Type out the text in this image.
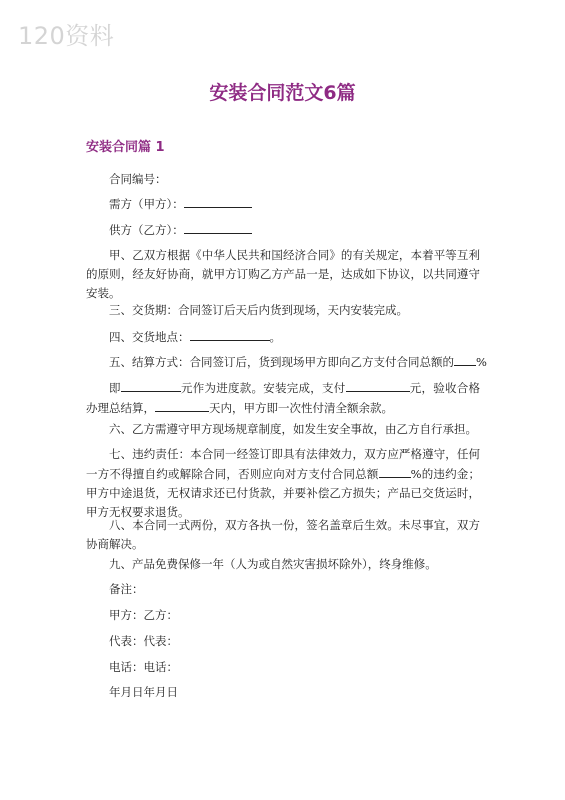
120资料
安装合同范文6篇
安装合同篇 1
合同编号：
需方（甲方）：
供方（乙方）：

甲、乙双方根据《中华人民共和国经济合同》的有关规定，本着平等互利的原则，经友好协商，就甲方订购乙方产品一是，达成如下协议，以共同遵守安装。

三、交货期：合同签订后天后内货到现场，天内安装完成。
四、交货地点：	。
五、结算方式：合同签订后，货到现场甲方即向乙方支付合同总额的 %

即	元作为进度款。安装完成，支付	元，验收合格办理总结算，	天内，甲方即一次性付清全额余款。

六、乙方需遵守甲方现场规章制度，如发生安全事故，由乙方自行承担。

七、违约责任：本合同一经签订即具有法律效力，双方应严格遵守，任何一方不得擅自约或解除合同，否则应向对方支付合同总额	%的违约金；甲方中途退货，无权请求还已付货款，并要补偿乙方损失；产品已交货运时，甲方无权要求退货。

八、本合同一式两份，双方各执一份，签名盖章后生效。未尽事宜，双方协商解决。

九、产品免费保修一年（人为或自然灾害损坏除外），终身维修。
备注：
甲方：乙方：
代表：代表：
电话：电话：
年月日年月日
